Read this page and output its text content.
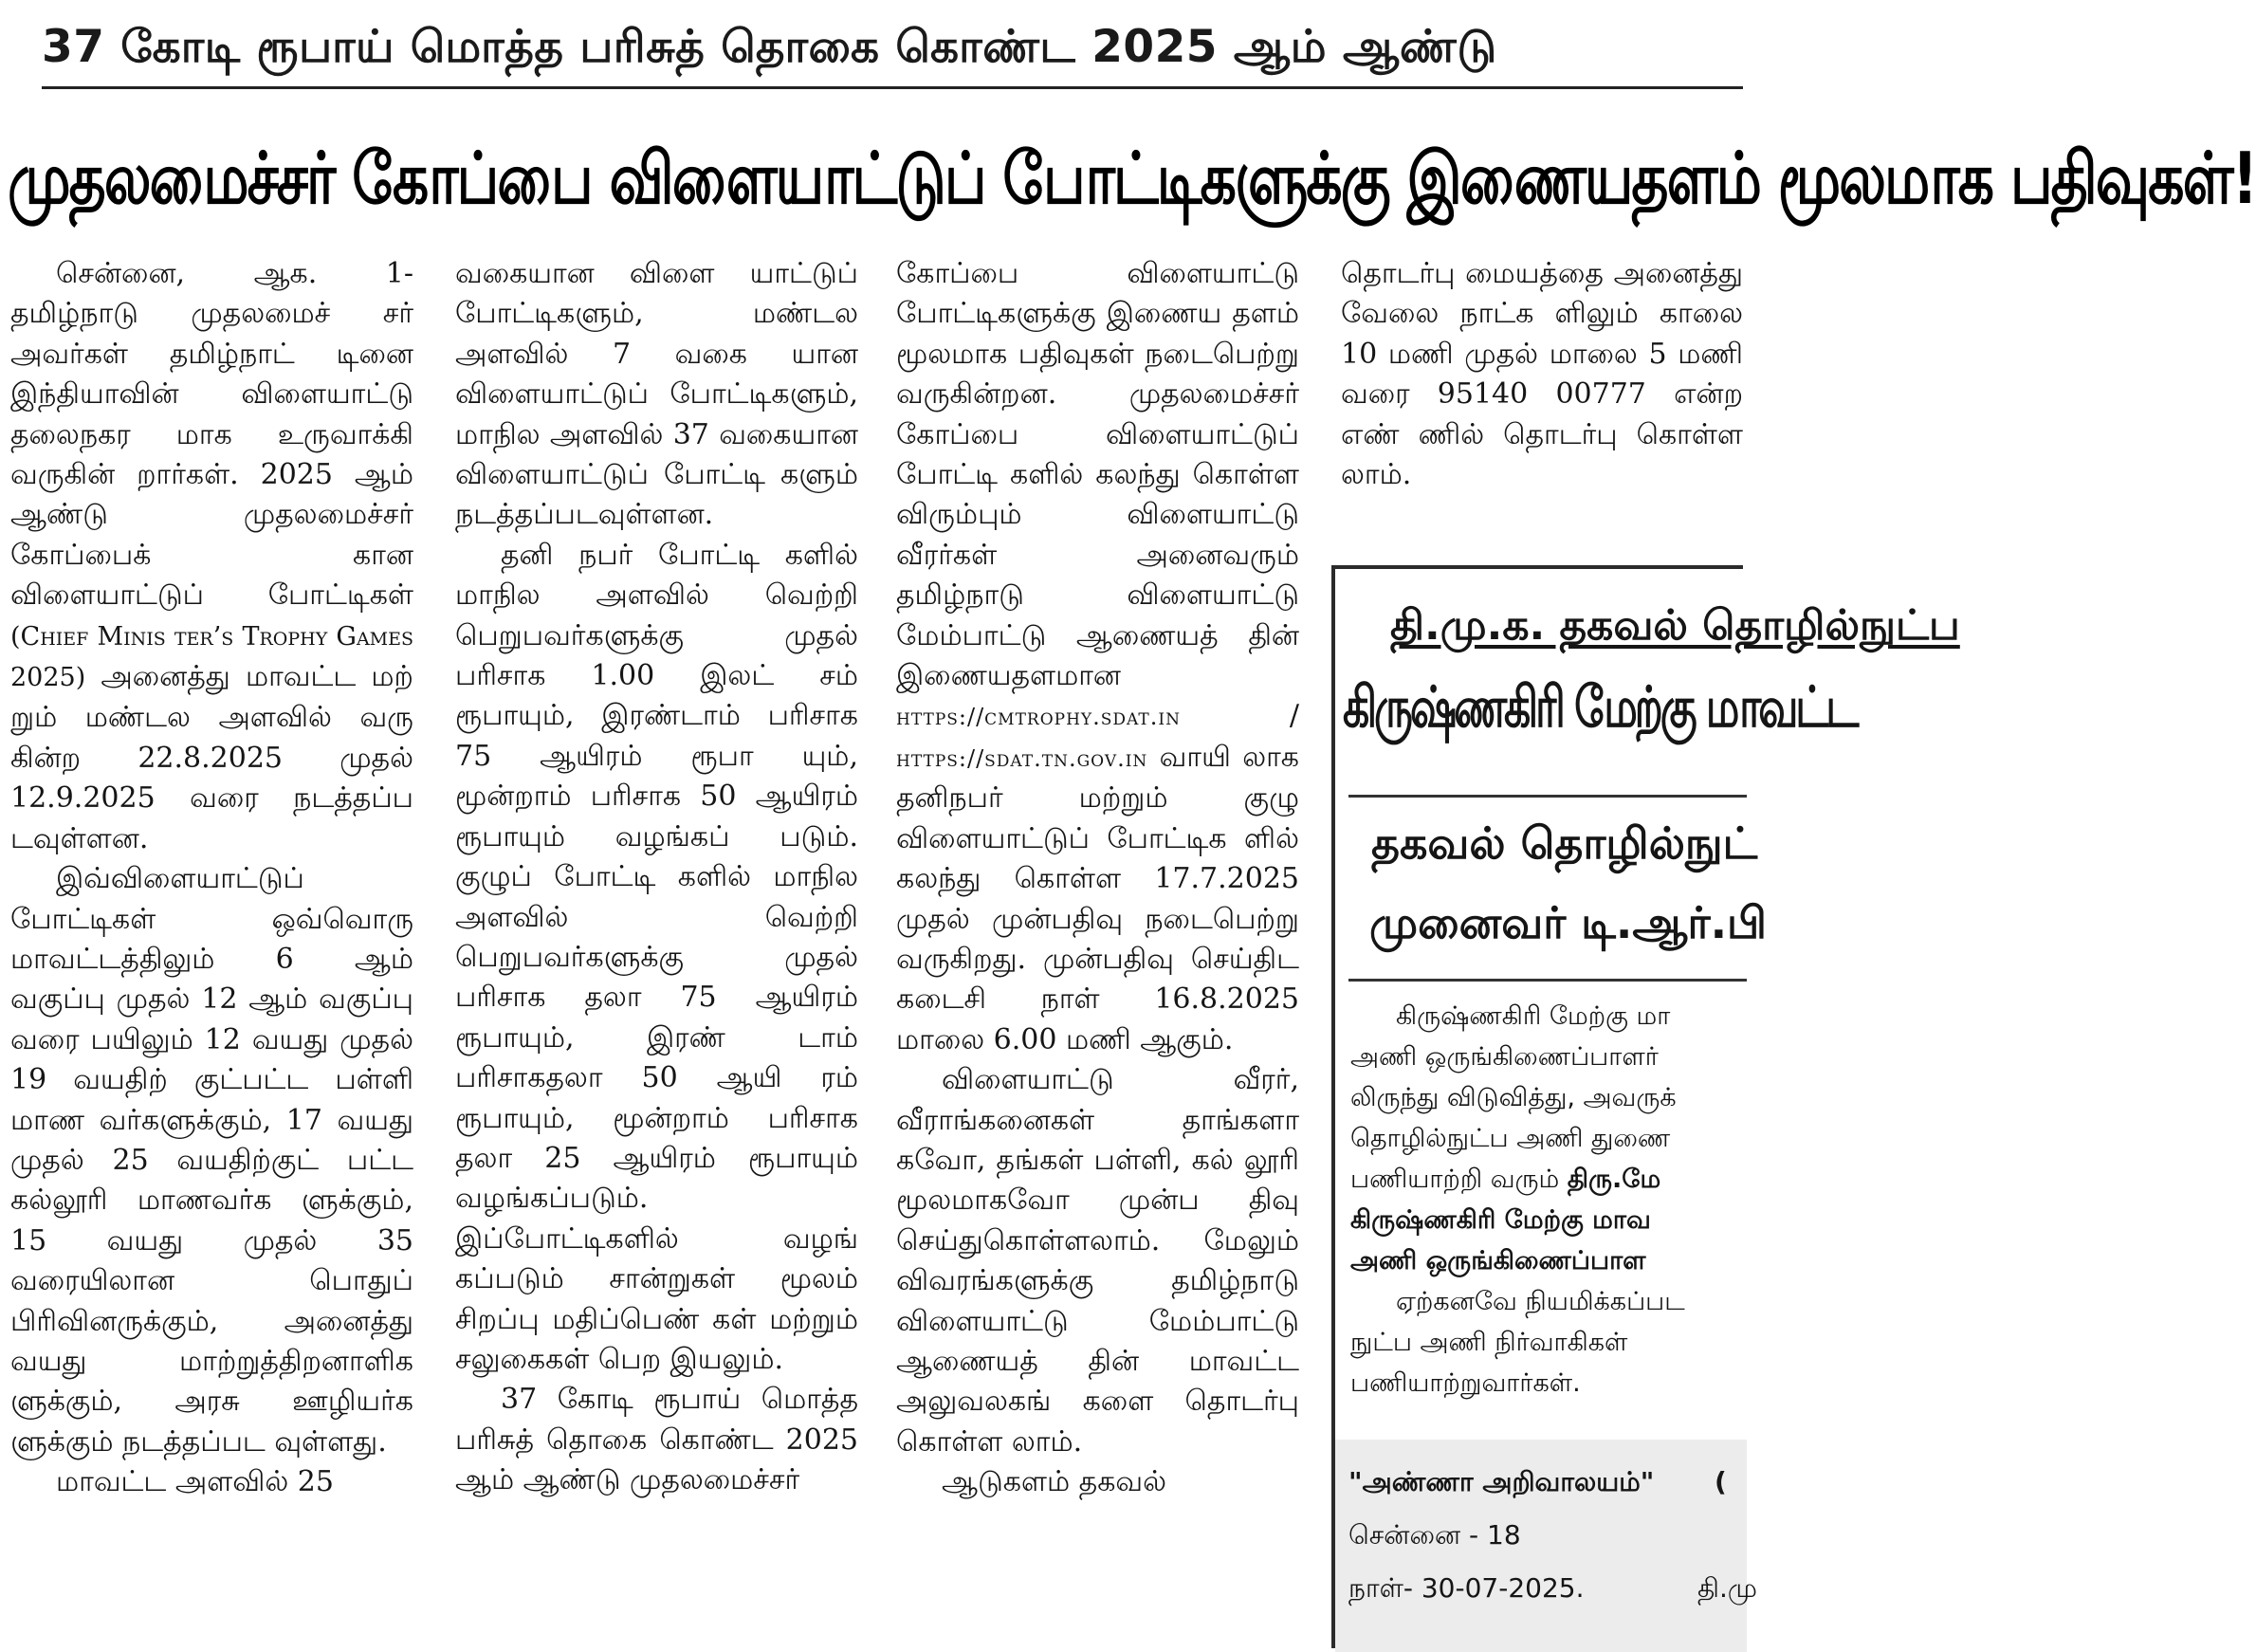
37 கோடி ரூபாய் மொத்த பரிசுத் தொகை கொண்ட 2025 ஆம் ஆண்டு
முதலமைச்சர் கோப்பை விளையாட்டுப் போட்டிகளுக்கு இணையதளம் மூலமாக பதிவுகள்!

சென்னை, ஆக. 1- தமிழ்நாடு முதலமைச் சர் அவர்கள் தமிழ்நாட் டினை இந்தியாவின் விளையாட்டு தலைநகர மாக உருவாக்கி வருகின் றார்கள். 2025 ஆம் ஆண்டு முதலமைச்சர் கோப்பைக் கான விளையாட்டுப் போட்டிகள் (Chief Minis ter’s Trophy Games 2025) அனைத்து மாவட்ட மற் றும் மண்டல அளவில் வரு கின்ற 22.8.2025 முதல் 12.9.2025 வரை நடத்தப்ப டவுள்ளன.

இவ்விளையாட்டுப் போட்டிகள் ஒவ்வொரு மாவட்டத்திலும் 6 ஆம் வகுப்பு முதல் 12 ஆம் வகுப்பு வரை பயிலும் 12 வயது முதல் 19 வயதிற் குட்பட்ட பள்ளி மாண வர்களுக்கும், 17 வயது முதல் 25 வயதிற்குட் பட்ட கல்லூரி மாணவர்க ளுக்கும், 15 வயது முதல் 35 வரையிலான பொதுப் பிரிவினருக்கும், அனைத்து வயது மாற்றுத்திறனாளிக ளுக்கும், அரசு ஊழியர்க ளுக்கும் நடத்தப்பட வுள்ளது.

மாவட்ட அளவில் 25

வகையான விளை யாட்டுப் போட்டிகளும், மண்டல அளவில் 7 வகை யான விளையாட்டுப் போட்டிகளும், மாநில அளவில் 37 வகையான விளையாட்டுப் போட்டி களும் நடத்தப்படவுள்ளன.

தனி நபர் போட்டி களில் மாநில அளவில் வெற்றி பெறுபவர்களுக்கு முதல் பரிசாக 1.00 இலட் சம் ரூபாயும், இரண்டாம் பரிசாக 75 ஆயிரம் ரூபா யும், மூன்றாம் பரிசாக 50 ஆயிரம் ரூபாயும் வழங்கப் படும். குழுப் போட்டி களில் மாநில அளவில் வெற்றி பெறுபவர்களுக்கு முதல் பரிசாக தலா 75 ஆயிரம் ரூபாயும், இரண் டாம் பரிசாகதலா 50 ஆயி ரம் ரூபாயும், மூன்றாம் பரிசாக தலா 25 ஆயிரம் ரூபாயும் வழங்கப்படும். இப்போட்டிகளில் வழங் கப்படும் சான்றுகள் மூலம் சிறப்பு மதிப்பெண் கள் மற்றும் சலுகைகள் பெற இயலும்.

37 கோடி ரூபாய் மொத்த பரிசுத் தொகை கொண்ட 2025 ஆம் ஆண்டு முதலமைச்சர்

கோப்பை விளையாட்டு போட்டிகளுக்கு இணைய தளம் மூலமாக பதிவுகள் நடைபெற்று வருகின்றன. முதலமைச்சர் கோப்பை விளையாட்டுப் போட்டி களில் கலந்து கொள்ள விரும்பும் விளையாட்டு வீரர்கள் அனைவரும் தமிழ்நாடு விளையாட்டு மேம்பாட்டு ஆணையத் தின் இணையதளமான https://cmtrophy.sdat.in / https://sdat.tn.gov.in வாயி லாக தனிநபர் மற்றும் குழு விளையாட்டுப் போட்டிக ளில் கலந்து கொள்ள 17.7.2025 முதல் முன்பதிவு நடைபெற்று வருகிறது. முன்பதிவு செய்திட கடைசி நாள் 16.8.2025 மாலை 6.00 மணி ஆகும்.

விளையாட்டு வீரர், வீராங்கனைகள் தாங்களா கவோ, தங்கள் பள்ளி, கல் லூரி மூலமாகவோ முன்ப திவு செய்துகொள்ளலாம். மேலும் விவரங்களுக்கு தமிழ்நாடு விளையாட்டு மேம்பாட்டு ஆணையத் தின் மாவட்ட அலுவலகங் களை தொடர்பு கொள்ள லாம்.

ஆடுகளம் தகவல்

தொடர்பு மையத்தை அனைத்து வேலை நாட்க ளிலும் காலை 10 மணி முதல் மாலை 5 மணி வரை 95140 00777 என்ற எண் ணில் தொடர்பு கொள்ள லாம்.

தி.மு.க. தகவல் தொழில்நுட்ப
கிருஷ்ணகிரி மேற்கு மாவட்ட
தகவல் தொழில்நுட்
முனைவர் டி.ஆர்.பி

கிருஷ்ணகிரி மேற்கு மா

அணி ஒருங்கிணைப்பாளர்

லிருந்து விடுவித்து, அவருக்

தொழில்நுட்ப அணி துணை

பணியாற்றி வரும் திரு.மே

கிருஷ்ணகிரி மேற்கு மாவ

அணி ஒருங்கிணைப்பாள

ஏற்கனவே நியமிக்கப்பட

நுட்ப அணி நிர்வாகிகள்

பணியாற்றுவார்கள்.

"அண்ணா அறிவாலயம்" (
சென்னை - 18
நாள்- 30-07-2025.	தி.மு
